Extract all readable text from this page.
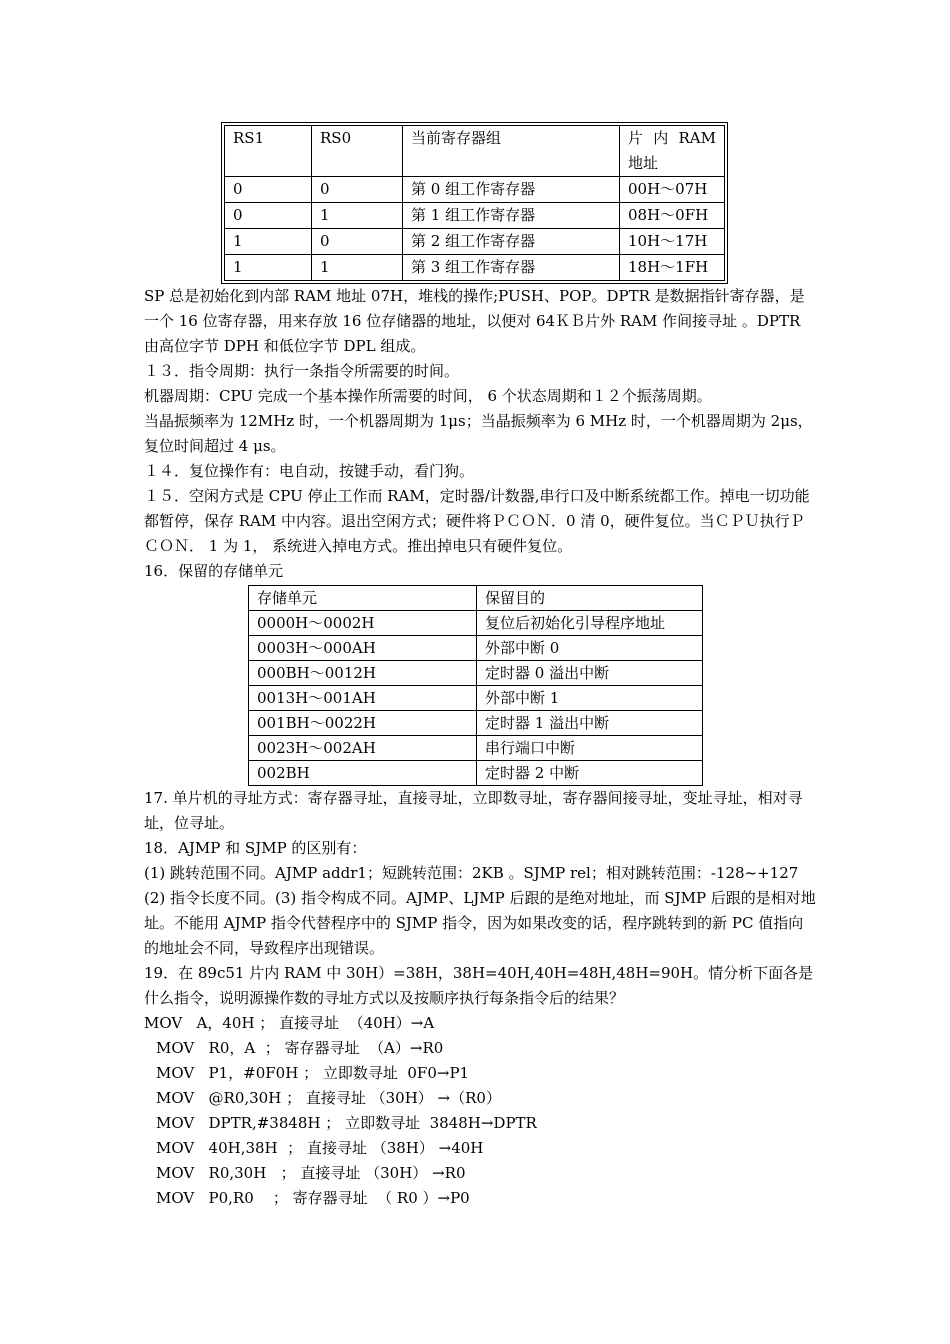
RS1	RS0	当前寄存器组	片 内 RAM 地址
0	0	第 0 组工作寄存器	00H～07H
0	1	第 1 组工作寄存器	08H～0FH
1	0	第 2 组工作寄存器	10H～17H
1	1	第 3 组工作寄存器	18H～1FH

SP 总是初始化到内部 RAM 地址 07H，堆栈的操作;PUSH、POP。DPTR 是数据指针寄存器，是一个 16 位寄存器，用来存放 16 位存储器的地址，以便对 64ＫＢ片外 RAM 作间接寻址 。DPTR 由高位字节 DPH 和低位字节 DPL 组成。

１３．指令周期：执行一条指令所需要的时间。

机器周期：CPU 完成一个基本操作所需要的时间， 6 个状态周期和１２个振荡周期。

当晶振频率为 12MHz 时，一个机器周期为 1μs；当晶振频率为 6 MHz 时，一个机器周期为 2μs，复位时间超过 4 μs。

１４．复位操作有：电自动，按键手动，看门狗。

１５．空闲方式是 CPU 停止工作而 RAM，定时器/计数器,串行口及中断系统都工作。掉电一切功能都暂停，保存 RAM 中内容。退出空闲方式；硬件将ＰＣＯＮ．0 清 0，硬件复位。当ＣＰＵ执行ＰＣＯＮ． 1 为 1， 系统进入掉电方式。推出掉电只有硬件复位。

16．保留的存储单元

存储单元	保留目的
0000H～0002H	复位后初始化引导程序地址
0003H～000AH	外部中断 0
000BH～0012H	定时器 0 溢出中断
0013H～001AH	外部中断 1
001BH～0022H	定时器 1 溢出中断
0023H～002AH	串行端口中断
002BH	定时器 2 中断

17. 单片机的寻址方式：寄存器寻址，直接寻址，立即数寻址，寄存器间接寻址，变址寻址，相对寻址，位寻址。

18．AJMP 和 SJMP 的区别有：

(1) 跳转范围不同。AJMP addr1；短跳转范围：2KB 。SJMP rel；相对跳转范围：-128~+127 (2) 指令长度不同。(3) 指令构成不同。AJMP、LJMP 后跟的是绝对地址，而 SJMP 后跟的是相对地址。不能用 AJMP 指令代替程序中的 SJMP 指令，因为如果改变的话，程序跳转到的新 PC 值指向的地址会不同，导致程序出现错误。

19．在 89c51 片内 RAM 中 30H）=38H，38H=40H,40H=48H,48H=90H。情分析下面各是什么指令，说明源操作数的寻址方式以及按顺序执行每条指令后的结果？

MOV   A，40H ； 直接寻址  （40H）→A
MOV   R0，A  ； 寄存器寻址  （A）→R0
MOV   P1，#0F0H ； 立即数寻址  0F0→P1
MOV   @R0,30H ； 直接寻址 （30H） →（R0）
MOV   DPTR,#3848H ； 立即数寻址  3848H→DPTR
MOV   40H,38H  ； 直接寻址 （38H） →40H
MOV   R0,30H   ； 直接寻址 （30H） →R0
MOV   P0,R0    ； 寄存器寻址  （ R0 ）→P0
